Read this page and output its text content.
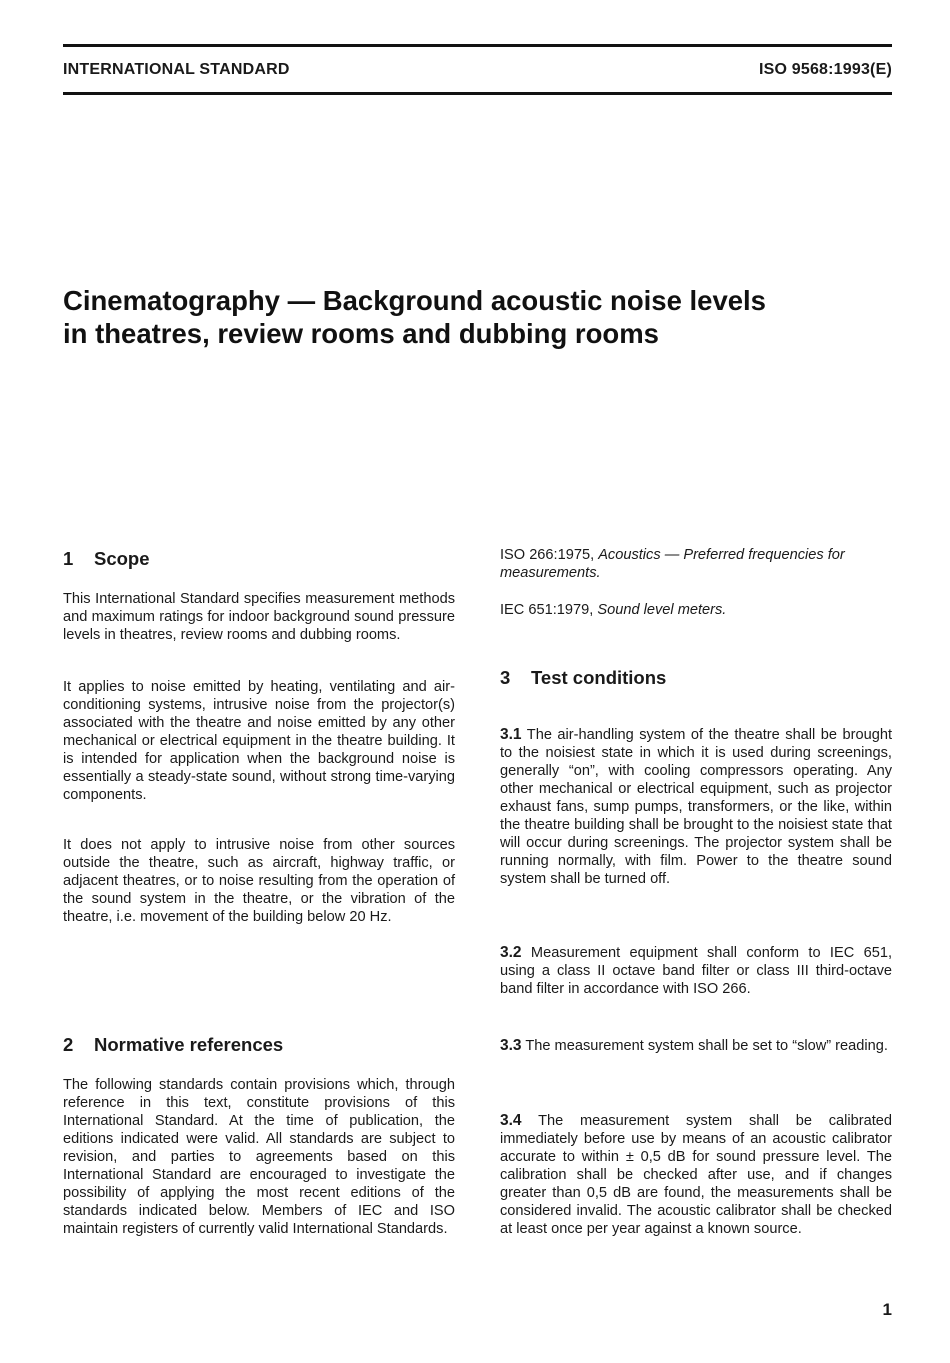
INTERNATIONAL STANDARD	ISO 9568:1993(E)
Cinematography — Background acoustic noise levels
in theatres, review rooms and dubbing rooms
1 Scope

This International Standard specifies measurement methods and maximum ratings for indoor background sound pressure levels in theatres, review rooms and dubbing rooms.

It applies to noise emitted by heating, ventilating and air-conditioning systems, intrusive noise from the projector(s) associated with the theatre and noise emitted by any other mechanical or electrical equipment in the theatre building. It is intended for application when the background noise is essentially a steady-state sound, without strong time-varying components.

It does not apply to intrusive noise from other sources outside the theatre, such as aircraft, highway traffic, or adjacent theatres, or to noise resulting from the operation of the sound system in the theatre, or the vibration of the theatre, i.e. movement of the building below 20 Hz.

2 Normative references

The following standards contain provisions which, through reference in this text, constitute provisions of this International Standard. At the time of publication, the editions indicated were valid. All standards are subject to revision, and parties to agreements based on this International Standard are encouraged to investigate the possibility of applying the most recent editions of the standards indicated below. Members of IEC and ISO maintain registers of currently valid International Standards.

ISO 266:1975, Acoustics — Preferred frequencies for measurements.

IEC 651:1979, Sound level meters.

3 Test conditions

3.1 The air-handling system of the theatre shall be brought to the noisiest state in which it is used during screenings, generally “on”, with cooling compressors operating. Any other mechanical or electrical equipment, such as projector exhaust fans, sump pumps, transformers, or the like, within the theatre building shall be brought to the noisiest state that will occur during screenings. The projector system shall be running normally, with film. Power to the theatre sound system shall be turned off.

3.2 Measurement equipment shall conform to IEC 651, using a class II octave band filter or class III third-octave band filter in accordance with ISO 266.

3.3 The measurement system shall be set to “slow” reading.

3.4 The measurement system shall be calibrated immediately before use by means of an acoustic calibrator accurate to within ± 0,5 dB for sound pressure level. The calibration shall be checked after use, and if changes greater than 0,5 dB are found, the measurements shall be considered invalid. The acoustic calibrator shall be checked at least once per year against a known source.

1
